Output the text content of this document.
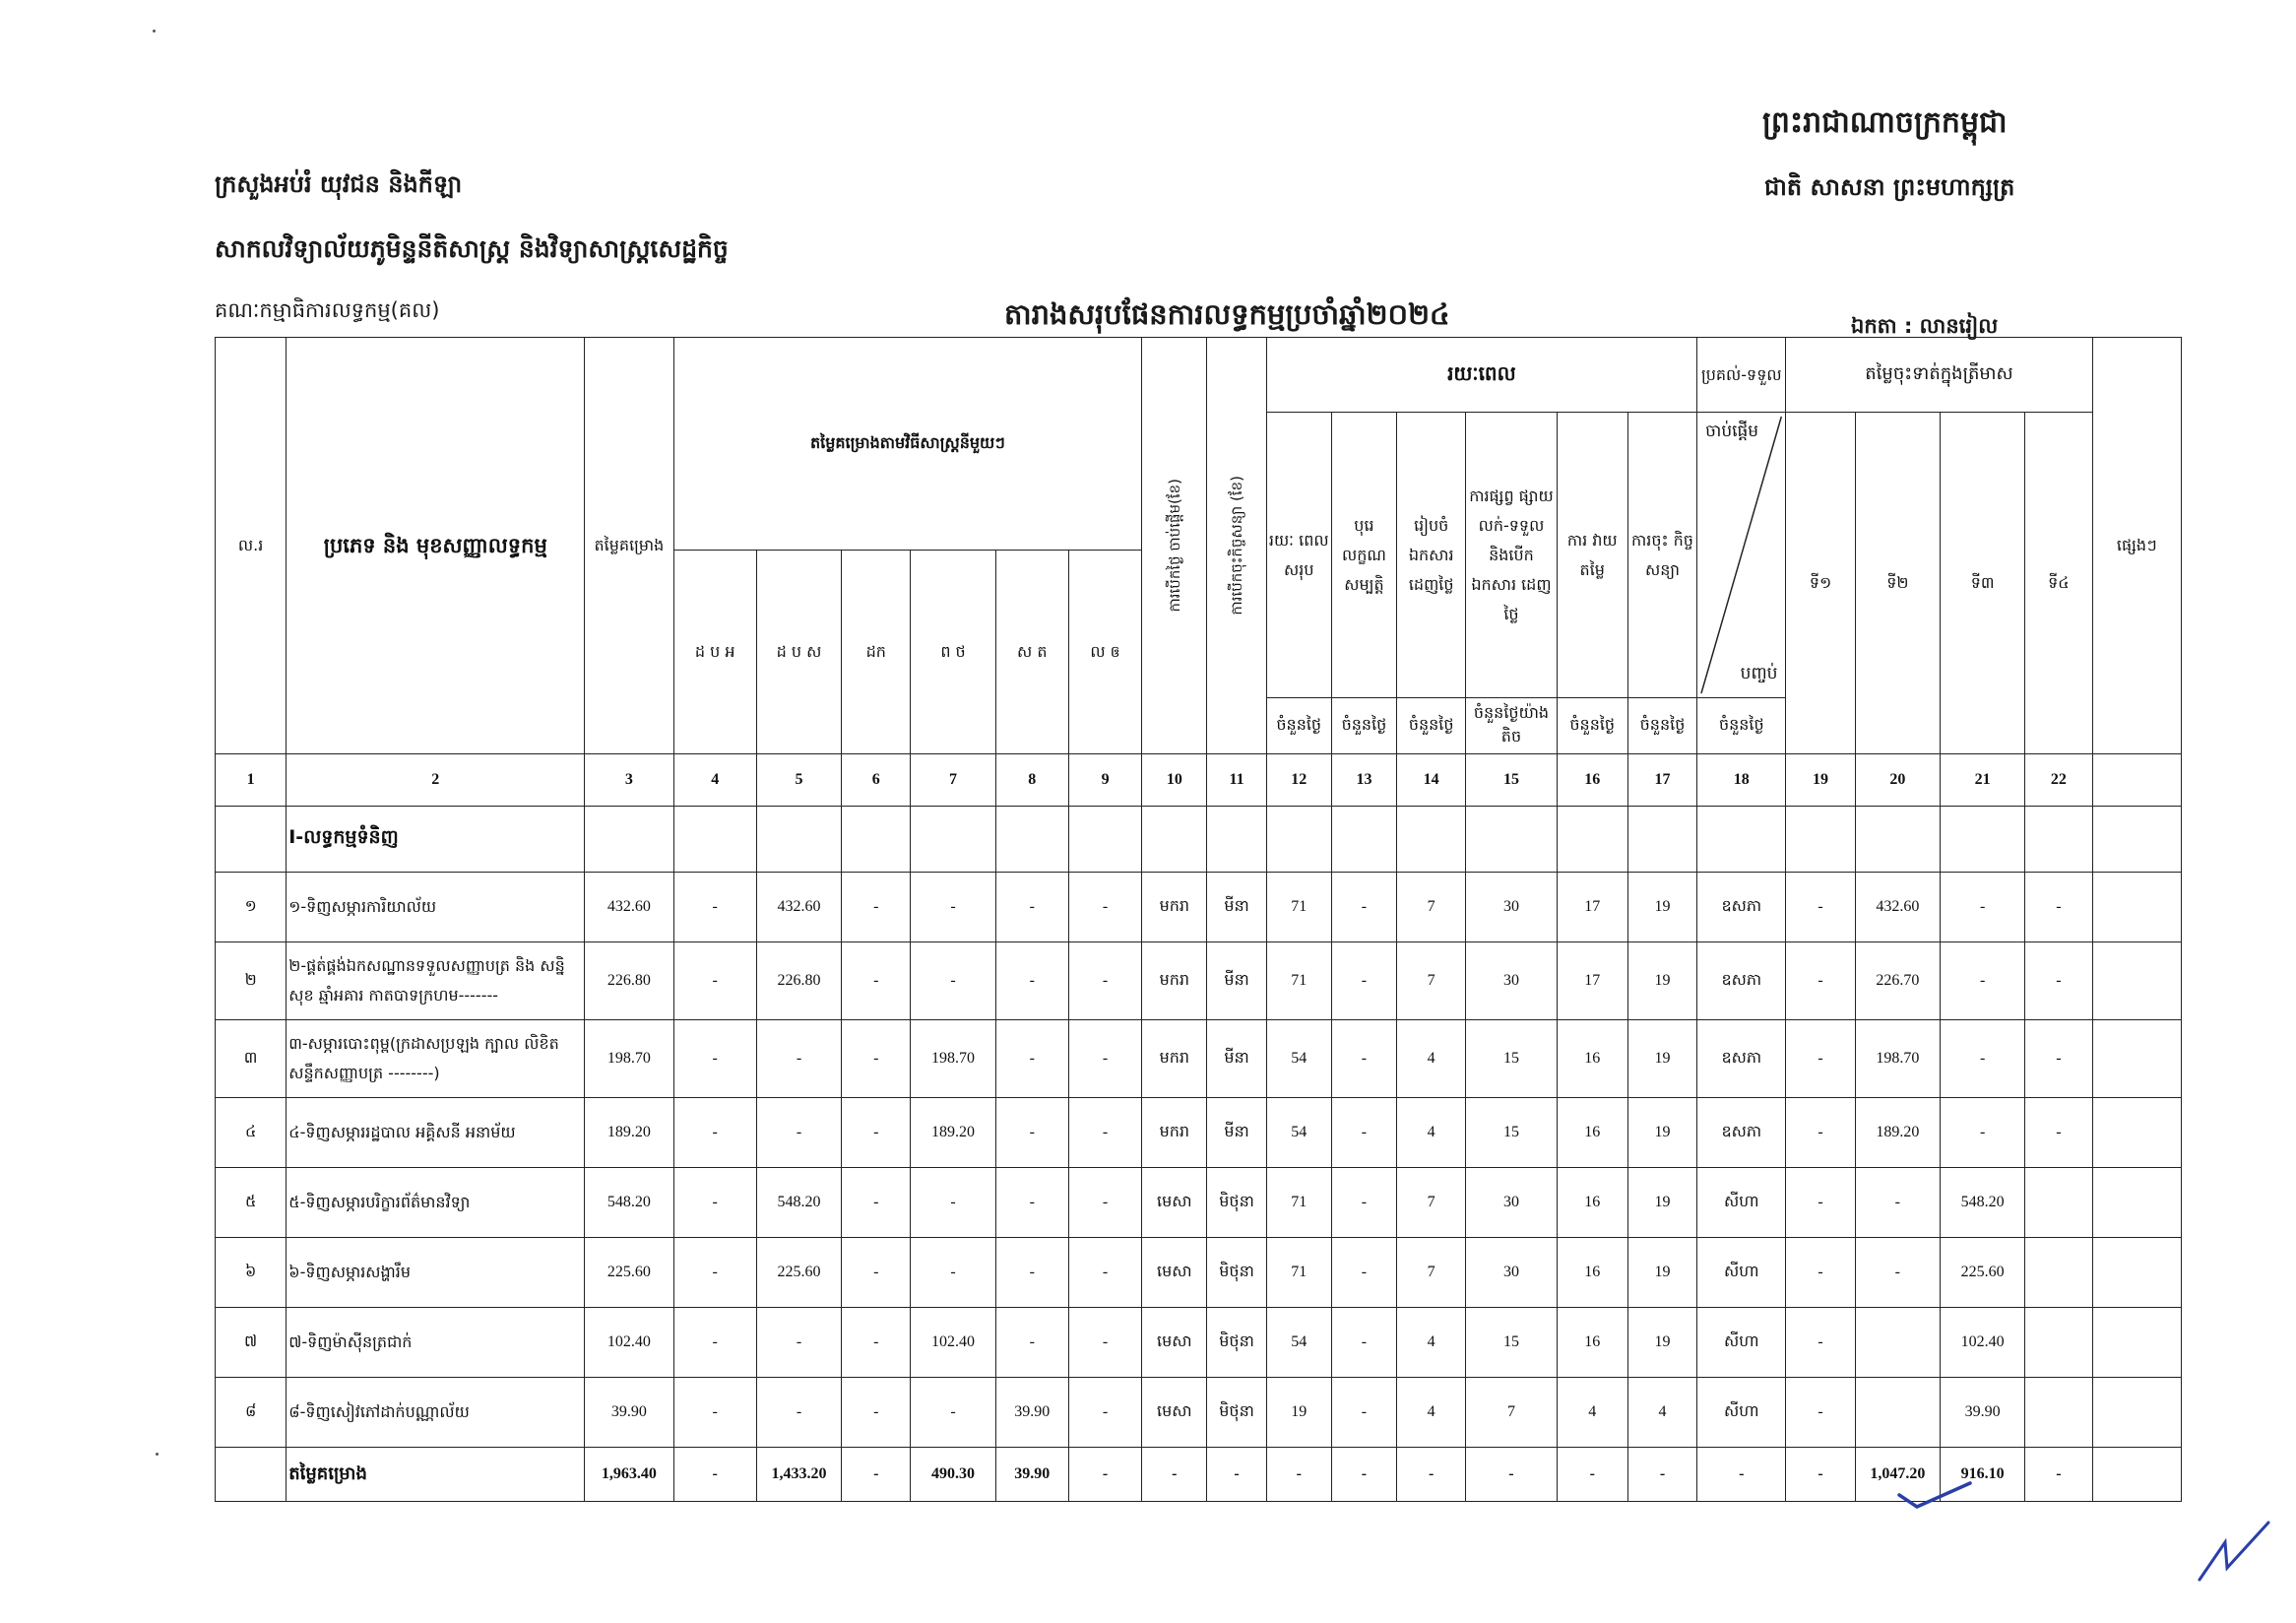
ព្រះរាជាណាចក្រកម្ពុជា
ជាតិ សាសនា ព្រះមហាក្សត្រ
ក្រសួងអប់រំ យុវជន និងកីឡា
សាកលវិទ្យាល័យភូមិន្ទនីតិសាស្ត្រ និងវិទ្យាសាស្ត្រសេដ្ឋកិច្ច
គណៈកម្មាធិការលទ្ធកម្ម(គល)	តារាងសរុបផែនការលទ្ធកម្មប្រចាំឆ្នាំ២០២៤	ឯកតា : លានរៀល
ល.រ	ប្រភេទ និង មុខសញ្ញាលទ្ធកម្ម	តម្លៃគម្រោង	តម្លៃគម្រោងតាមវិធីសាស្ត្រនីមួយៗ						ការបើកថ្ងៃ ចាប់ផ្តើម(ខែ)	ការបើកចុះកិច្ចសន្យា (ខែ)	រយៈពេល						ប្រគល់-ទទួល	តម្លៃចុះទាត់ក្នុងត្រីមាស				ផ្សេងៗ
											រយៈ ពេល សរុប	បុរេ លក្ខណ សម្បត្តិ	រៀបចំ ឯកសារ ដេញថ្លៃ	ការផ្សព្វ ផ្សាយ លក់-ទទួល និងបើក ឯកសារ ដេញថ្លៃ	ការ វាយ តម្លៃ	ការចុះ កិច្ច សន្យា	ចាប់ផ្តើម
បញ្ចប់	ទី១	ទី២	ទី៣	ទី៤	
			ដ ប អ	ដ ប ស	ដក	ព ថ	ស ត	ល ឲ														
											ចំនួនថ្ងៃ	ចំនួនថ្ងៃ	ចំនួនថ្ងៃ	ចំនួនថ្ងៃយ៉ាងតិច	ចំនួនថ្ងៃ	ចំនួនថ្ងៃ	ចំនួនថ្ងៃ					
1	2	3	4	5	6	7	8	9	10	11	12	13	14	15	16	17	18	19	20	21	22	
	I-លទ្ធកម្មទំនិញ																					
១	១-ទិញសម្ភារការិយាល័យ	432.60	-	432.60	-	-	-	-	មករា	មីនា	71	-	7	30	17	19	ឧសភា	-	432.60	-	-	
២	២-ផ្គត់ផ្គង់ឯកសណ្ឋានទទួលសញ្ញាបត្រ និង សន្និសុខ ឆ្មាំអគារ កាតបាទក្រហម-------	226.80	-	226.80	-	-	-	-	មករា	មីនា	71	-	7	30	17	19	ឧសភា	-	226.70	-	-	
៣	៣-សម្ភារបោះពុម្ព(ក្រដាសប្រឡង ក្បាល លិខិតសន្ទឹកសញ្ញាបត្រ --------)	198.70	-	-	-	198.70	-	-	មករា	មីនា	54	-	4	15	16	19	ឧសភា	-	198.70	-	-	
៤	៤-ទិញសម្ភាររដ្ឋបាល អគ្គិសនី អនាម័យ	189.20	-	-	-	189.20	-	-	មករា	មីនា	54	-	4	15	16	19	ឧសភា	-	189.20	-	-	
៥	៥-ទិញសម្ភារបរិក្ខារព័ត៌មានវិទ្យា	548.20	-	548.20	-	-	-	-	មេសា	មិថុនា	71	-	7	30	16	19	សីហា	-	-	548.20		
៦	៦-ទិញសម្ភារសង្ហារឹម	225.60	-	225.60	-	-	-	-	មេសា	មិថុនា	71	-	7	30	16	19	សីហា	-	-	225.60		
៧	៧-ទិញម៉ាស៊ីនត្រជាក់	102.40	-	-	-	102.40	-	-	មេសា	មិថុនា	54	-	4	15	16	19	សីហា	-		102.40		
៨	៨-ទិញសៀវភៅដាក់បណ្ណាល័យ	39.90	-	-	-	-	39.90	-	មេសា	មិថុនា	19	-	4	7	4	4	សីហា	-		39.90		
	តម្លៃគម្រោង	1,963.40	-	1,433.20	-	490.30	39.90	-	-	-	-	-	-	-	-	-	-	-	1,047.20	916.10	-	
